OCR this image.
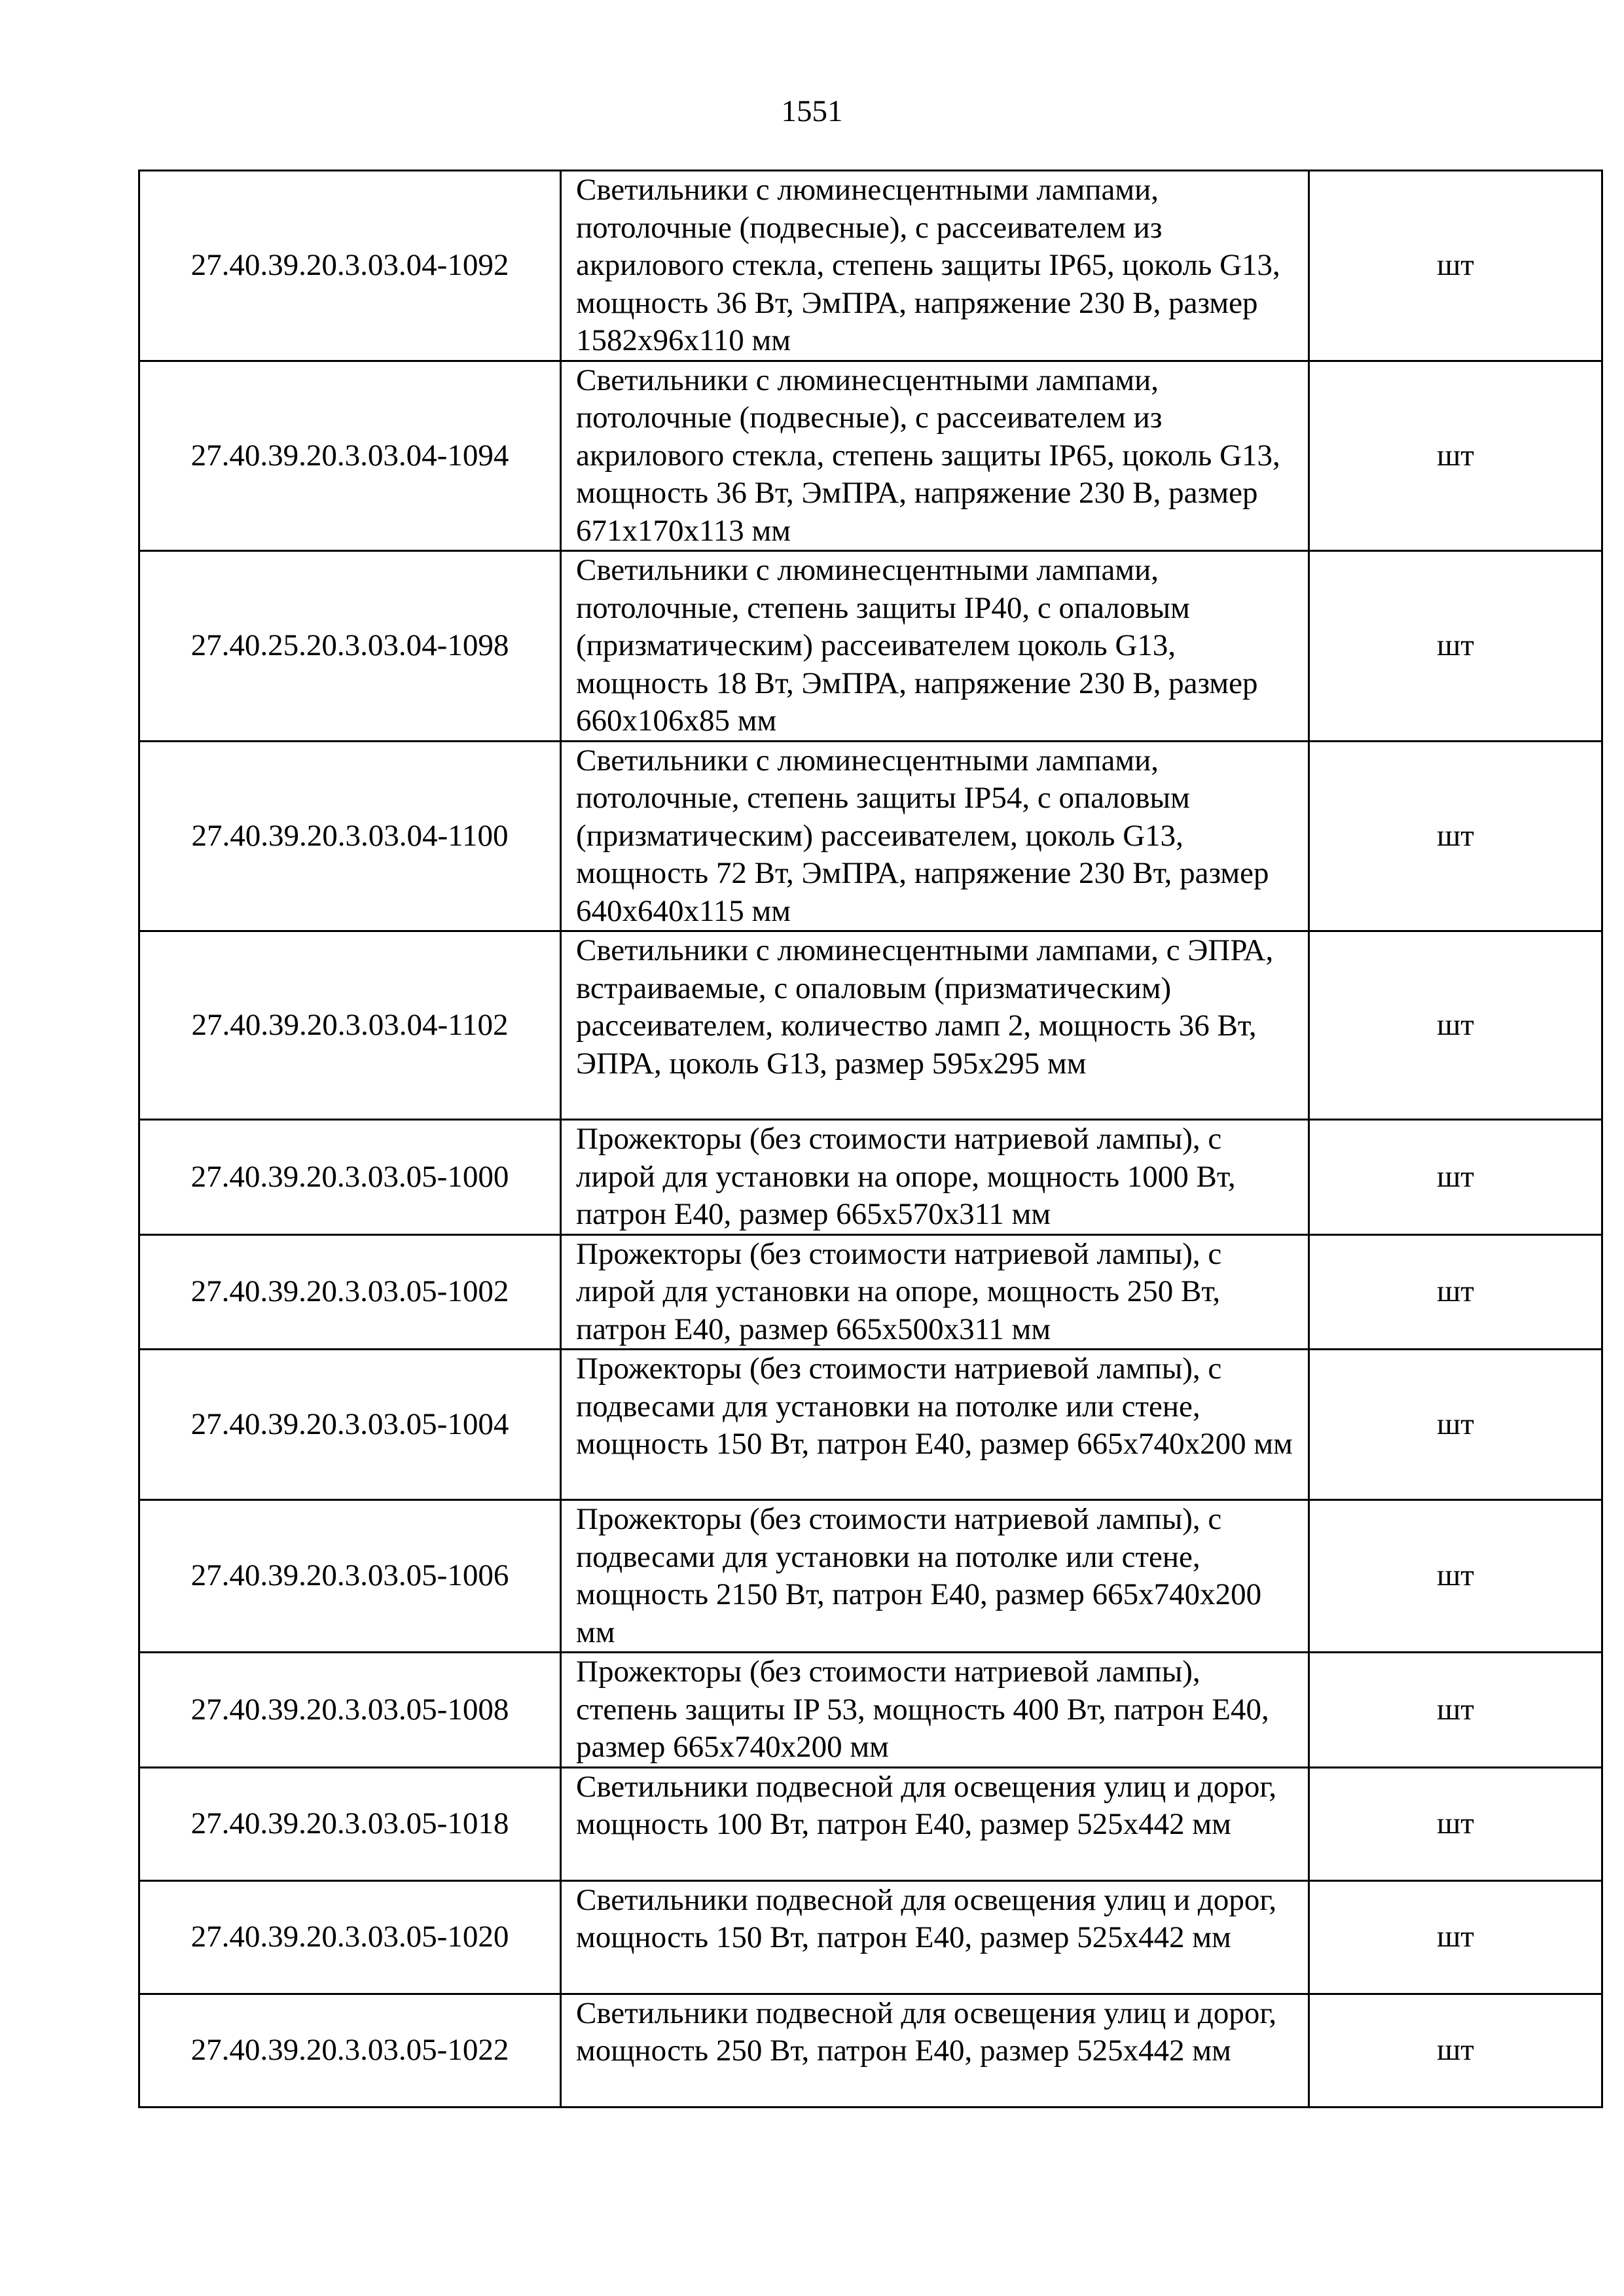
1551
27.40.39.20.3.03.04-1092	Светильники с люминесцентными лампами, потолочные (подвесные), с рассеивателем из акрилового стекла, степень защиты IP65, цоколь G13, мощность 36 Вт, ЭмПРА, напряжение 230 В, размер 1582х96х110 мм	шт
27.40.39.20.3.03.04-1094	Светильники с люминесцентными лампами, потолочные (подвесные), с рассеивателем из акрилового стекла, степень защиты IP65, цоколь G13, мощность 36 Вт, ЭмПРА, напряжение 230 В, размер 671х170х113 мм	шт
27.40.25.20.3.03.04-1098	Светильники с люминесцентными лампами, потолочные, степень защиты IP40, с опаловым (призматическим) рассеивателем цоколь G13, мощность 18 Вт, ЭмПРА, напряжение 230 В, размер 660х106х85 мм	шт
27.40.39.20.3.03.04-1100	Светильники с люминесцентными лампами, потолочные, степень защиты IP54, с опаловым (призматическим) рассеивателем, цоколь G13, мощность 72 Вт, ЭмПРА, напряжение 230 Вт, размер 640х640х115 мм	шт
27.40.39.20.3.03.04-1102	Светильники с люминесцентными лампами, с ЭПРА, встраиваемые, с опаловым (призматическим) рассеивателем, количество ламп 2, мощность 36 Вт, ЭПРА, цоколь G13, размер 595х295 мм	шт
27.40.39.20.3.03.05-1000	Прожекторы (без стоимости натриевой лампы), с лирой для установки на опоре, мощность 1000 Вт, патрон Е40, размер 665х570х311 мм	шт
27.40.39.20.3.03.05-1002	Прожекторы (без стоимости натриевой лампы), с лирой для установки на опоре, мощность 250 Вт, патрон Е40, размер 665х500х311 мм	шт
27.40.39.20.3.03.05-1004	Прожекторы (без стоимости натриевой лампы), с подвесами для установки на потолке или стене, мощность 150 Вт, патрон Е40, размер 665х740х200 мм	шт
27.40.39.20.3.03.05-1006	Прожекторы (без стоимости натриевой лампы), с подвесами для установки на потолке или стене, мощность 2150 Вт, патрон Е40, размер 665х740х200 мм	шт
27.40.39.20.3.03.05-1008	Прожекторы (без стоимости натриевой лампы), степень защиты IP 53, мощность 400 Вт, патрон Е40, размер 665х740х200 мм	шт
27.40.39.20.3.03.05-1018	Светильники подвесной для освещения улиц и дорог, мощность 100 Вт, патрон Е40, размер 525х442 мм	шт
27.40.39.20.3.03.05-1020	Светильники подвесной для освещения улиц и дорог, мощность 150 Вт, патрон Е40, размер 525х442 мм	шт
27.40.39.20.3.03.05-1022	Светильники подвесной для освещения улиц и дорог, мощность 250 Вт, патрон Е40, размер 525х442 мм	шт
